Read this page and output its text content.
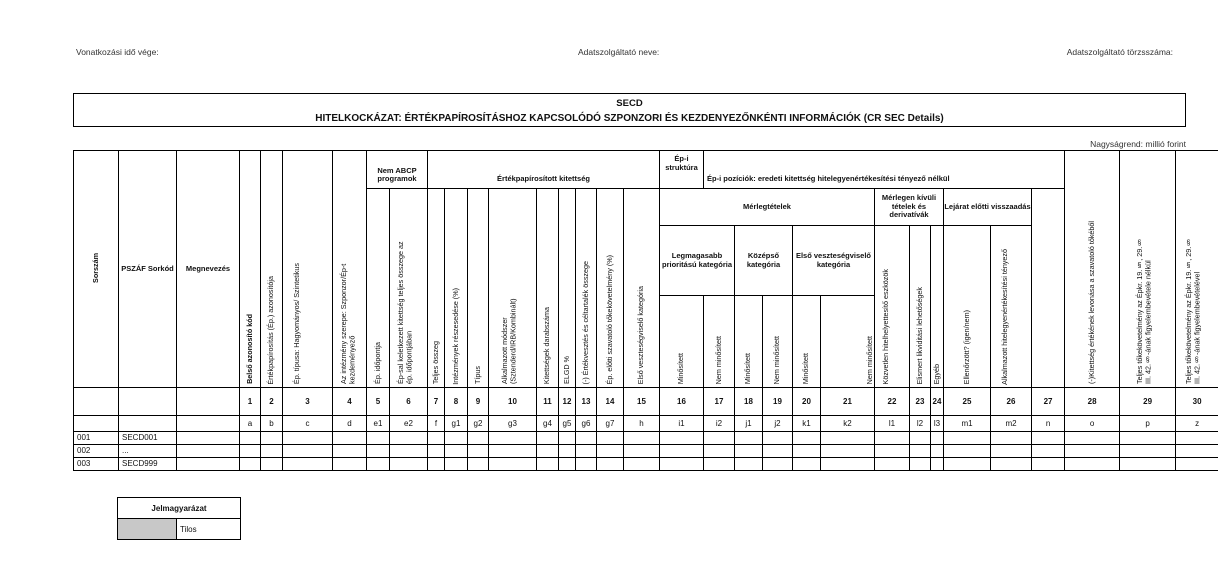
Vonatkozási idő vége:	Adatszolgáltató neve:	Adatszolgáltató törzsszáma:
SECD
HITELKOCKÁZAT: ÉRTÉKPAPÍROSÍTÁSHOZ KAPCSOLÓDÓ SZPONZORI ÉS KEZDENYEZŐNKÉNTI INFORMÁCIÓK (CR SEC Details)
Nagyságrend: millió forint
Sorszám	PSZÁF Sorkód	Megnevezés	Belső azonosító kód	Értékpapírosítás (Ép.) azonosítója	Ép. típusa: Hagyományos/ Szintetikus	Az intézmény szerepe: Szponzor/Ép-t kezdeményező	Nem ABCP programok		Értékpapírosított kitettség									Ép-i struktúra	Ép-i pozíciók: eredeti kitettség hitelegyenértékesítési tényező nélkül											(-)Kitettség értékének levonása a szavatoló tőkéből	Teljes tőkekövetelmény az Épkr. 19.§, 29.§ III. 42.§-ának figyelembevétele nélkül	Teljes tőkekövetelmény az Épkr. 19.§, 29.§ III. 42.§-ának figyelembevételével	
							Ép. időpontja	Ép-sal keletkezett kitettség teljes összege az ép. időpontjában	Teljes összeg	Intézmények részesedése (%)	Típus	Alkalmazott módszer (Sztenderd/IRB/Kombinált)	Kitettségek darabszáma	ELGD %	(-) Értékvesztés és céltartalék összege	Ép. előtti szavatoló tőkekövetelmény (%)	Első veszteségviselő kategória	Mérlegtételek						Mérlegen kívüli tételek és derivatívák			Lejárat előtti visszaadás						

																		Legmagasabb prioritású kategória		Középső kategória		Első veszteségviselő kategória		Közvetlen hitelhelyettesítő eszközök	Elismert likviditási lehetőségek	Egyéb	Ellenőrzött? (igen/nem)	Alkalmazott hitelegyenértékesítési tényező					
																		Minősített	Nem minősített	Minősített	Nem minősített	Minősített	Nem minősített										
			1	2	3	4	5	6	7	8	9	10	11	12	13	14	15	16	17	18	19	20	21	22	23	24	25	26	27	28	29	30	
			a	b	c	d	e1	e2	f	g1	g2	g3	g4	g5	g6	g7	h	i1	i2	j1	j2	k1	k2	l1	l2	l3	m1	m2	n	o	p	z	
001	SECD001																																
002	...																																
003	SECD999																																
Jelmagyarázat
	Tilos
